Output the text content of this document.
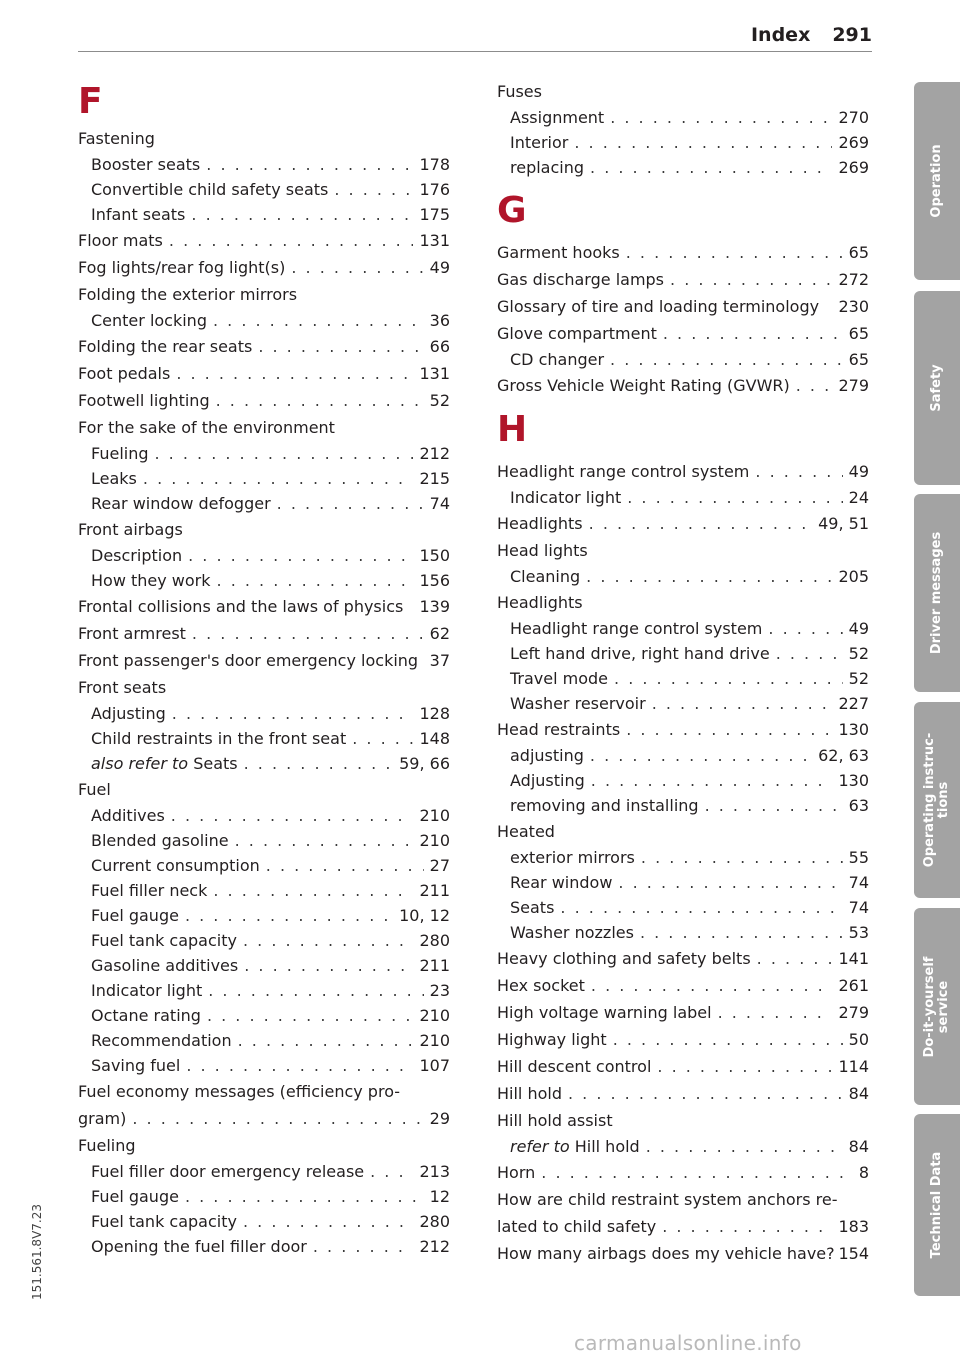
Index 291
F
Fastening
Booster seats . . .	178
Convertible child safety seats . . .	176
Infant seats . . .	175
Floor mats . . .	131
Fog lights/rear fog light(s) . . .	49
Folding the exterior mirrors
Center locking . . .	36
Folding the rear seats . . .	66
Foot pedals . . .	131
Footwell lighting . . .	52
For the sake of the environment
Fueling . . .	212
Leaks . . .	215
Rear window defogger . . .	74
Front airbags
Description . . .	150
How they work . . .	156
Frontal collisions and the laws of physics 139
Front armrest . . .	62
Front passenger's door emergency locking 37
Front seats
Adjusting . . .	128
Child restraints in the front seat . . .	148
also refer to Seats . . .	59, 66
Fuel
Additives . . .	210
Blended gasoline . . .	210
Current consumption . . .	27
Fuel filler neck . . .	211
Fuel gauge . . .	10, 12
Fuel tank capacity . . .	280
Gasoline additives . . .	211
Indicator light . . .	23
Octane rating . . .	210
Recommendation . . .	210
Saving fuel . . .	107
Fuel economy messages (efficiency pro-
gram) . . .	29
Fueling
Fuel filler door emergency release . . .	213
Fuel gauge . . .	12
Fuel tank capacity . . .	280
Opening the fuel filler door . . .	212
Fuses
Assignment . . .	270
Interior . . .	269
replacing . . .	269
G
Garment hooks . . .	65
Gas discharge lamps . . .	272
Glossary of tire and loading terminology 230
Glove compartment . . .	65
CD changer . . .	65
Gross Vehicle Weight Rating (GVWR) . . .	279
H
Headlight range control system . . .	49
Indicator light . . .	24
Headlights . . .	49, 51
Head lights
Cleaning . . .	205
Headlights
Headlight range control system . . .	49
Left hand drive, right hand drive . . .	52
Travel mode . . .	52
Washer reservoir . . .	227
Head restraints . . .	130
adjusting . . .	62, 63
Adjusting . . .	130
removing and installing . . .	63
Heated
exterior mirrors . . .	55
Rear window . . .	74
Seats . . .	74
Washer nozzles . . .	53
Heavy clothing and safety belts . . .	141
Hex socket . . .	261
High voltage warning label . . .	279
Highway light . . .	50
Hill descent control . . .	114
Hill hold . . .	84
Hill hold assist
refer to Hill hold . . .	84
Horn . . .	8
How are child restraint system anchors re-
lated to child safety . . .	183
How many airbags does my vehicle have? 154
Operation
Safety
Driver messages
Operating instruc-
tions
Do-it-yourself
service
Technical Data
151.561.8V7.23
carmanualsonline.info
